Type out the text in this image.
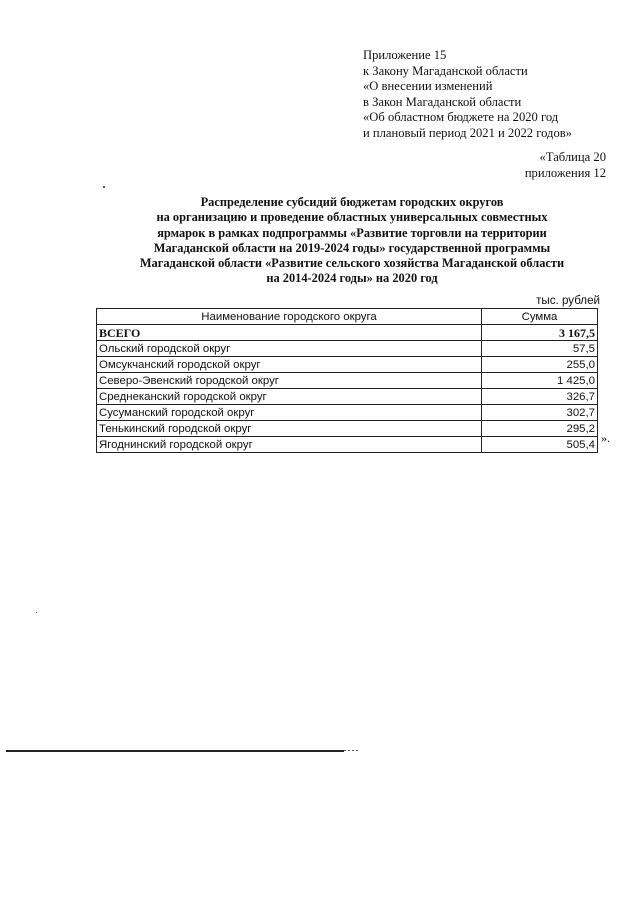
Приложение 15
к Закону Магаданской области
«О внесении изменений
в Закон Магаданской области
«Об областном бюджете на 2020 год
и плановый период 2021 и 2022 годов»
«Таблица 20
приложения 12
Распределение субсидий бюджетам городских округов
на организацию и проведение областных универсальных совместных
ярмарок в рамках подпрограммы «Развитие торговли на территории
Магаданской области на 2019-2024 годы» государственной программы
Магаданской области «Развитие сельского хозяйства Магаданской области
на 2014-2024 годы» на 2020 год
тыс. рублей
Наименование городского округа	Сумма
ВСЕГО	3 167,5
Ольский городской округ	57,5
Омсукчанский городской округ	255,0
Северо-Эвенский городской округ	1 425,0
Среднеканский городской округ	326,7
Сусуманский городской округ	302,7
Тенькинский городской округ	295,2
Ягоднинский городской округ	505,4 ».
